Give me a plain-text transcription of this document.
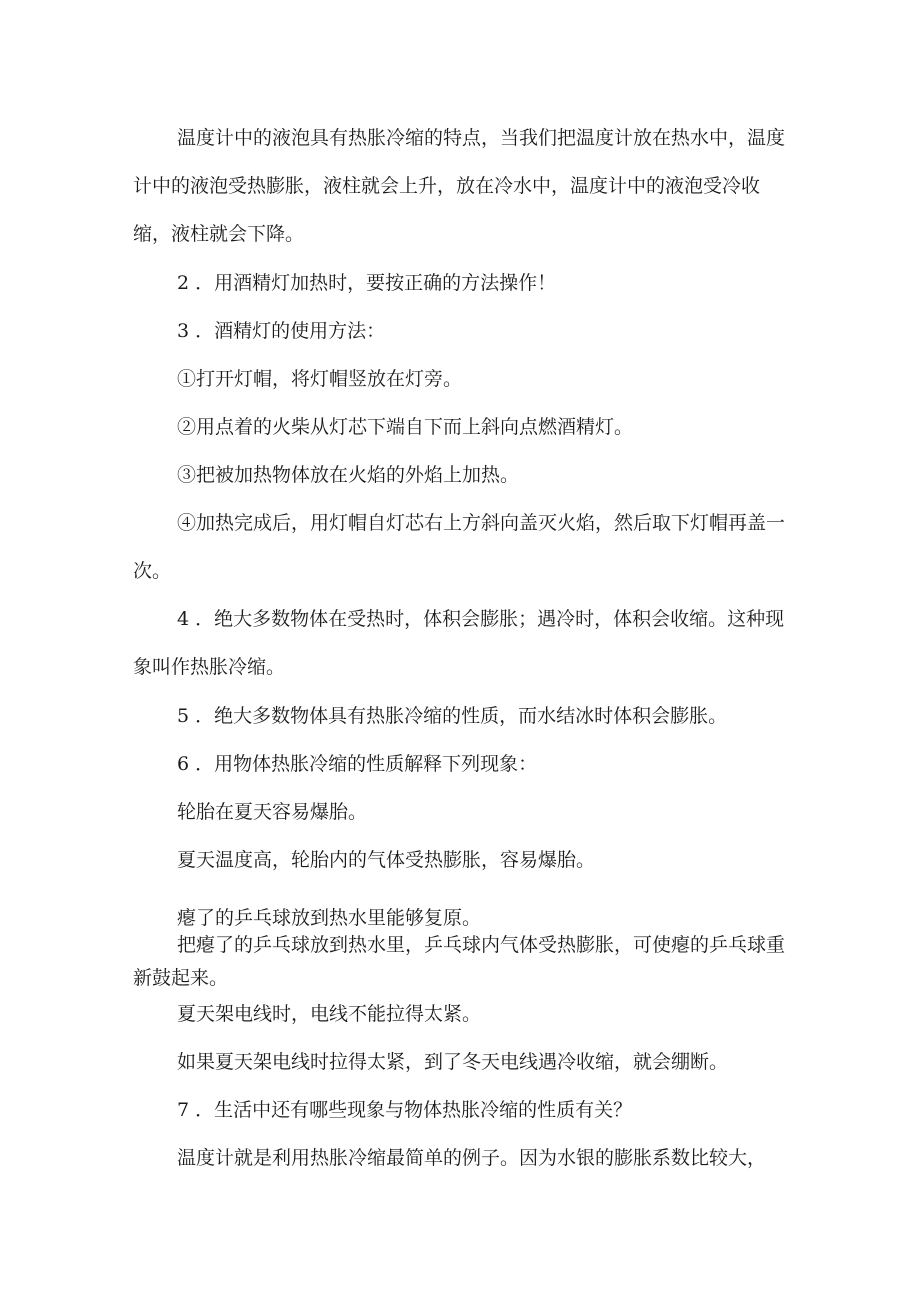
温度计中的液泡具有热胀冷缩的特点，当我们把温度计放在热水中，温度计中的液泡受热膨胀，液柱就会上升，放在冷水中，温度计中的液泡受冷收缩，液柱就会下降。

2 ．用酒精灯加热时，要按正确的方法操作！

3 ．酒精灯的使用方法：

①打开灯帽，将灯帽竖放在灯旁。

②用点着的火柴从灯芯下端自下而上斜向点燃酒精灯。

③把被加热物体放在火焰的外焰上加热。

④加热完成后，用灯帽自灯芯右上方斜向盖灭火焰，然后取下灯帽再盖一次。

4 ．绝大多数物体在受热时，体积会膨胀；遇冷时，体积会收缩。这种现象叫作热胀冷缩。

5 ．绝大多数物体具有热胀冷缩的性质，而水结冰时体积会膨胀。

6 ．用物体热胀冷缩的性质解释下列现象：

轮胎在夏天容易爆胎。

夏天温度高，轮胎内的气体受热膨胀，容易爆胎。

瘪了的乒乓球放到热水里能够复原。

把瘪了的乒乓球放到热水里，乒乓球内气体受热膨胀，可使瘪的乒乓球重新鼓起来。

夏天架电线时，电线不能拉得太紧。

如果夏天架电线时拉得太紧，到了冬天电线遇冷收缩，就会绷断。

7 ．生活中还有哪些现象与物体热胀冷缩的性质有关？

温度计就是利用热胀冷缩最简单的例子。因为水银的膨胀系数比较大，
